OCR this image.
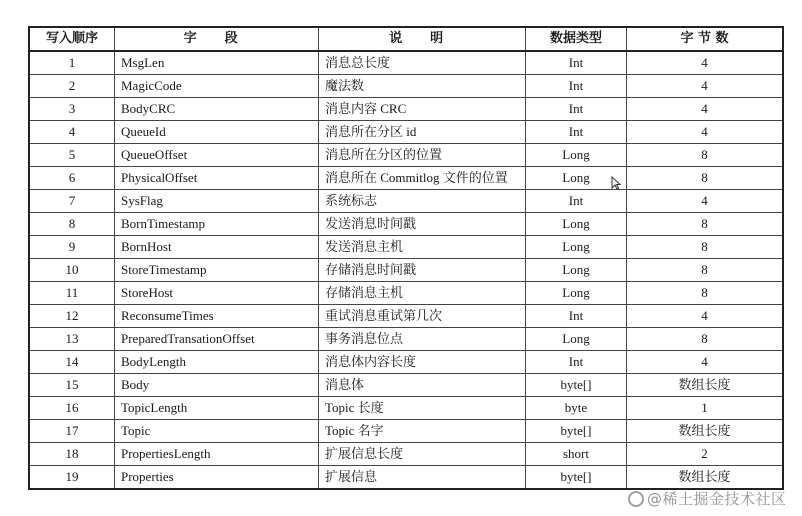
写入顺序	字 段	说 明	数据类型	字 节 数
1	MsgLen	消息总长度	Int	4
2	MagicCode	魔法数	Int	4
3	BodyCRC	消息内容 CRC	Int	4
4	QueueId	消息所在分区 id	Int	4
5	QueueOffset	消息所在分区的位置	Long	8
6	PhysicalOffset	消息所在 Commitlog 文件的位置	Long	8
7	SysFlag	系统标志	Int	4
8	BornTimestamp	发送消息时间戳	Long	8
9	BornHost	发送消息主机	Long	8
10	StoreTimestamp	存储消息时间戳	Long	8
11	StoreHost	存储消息主机	Long	8
12	ReconsumeTimes	重试消息重试第几次	Int	4
13	PreparedTransationOffset	事务消息位点	Long	8
14	BodyLength	消息体内容长度	Int	4
15	Body	消息体	byte[]	数组长度
16	TopicLength	Topic 长度	byte	1
17	Topic	Topic 名字	byte[]	数组长度
18	PropertiesLength	扩展信息长度	short	2
19	Properties	扩展信息	byte[]	数组长度
@稀土掘金技术社区
